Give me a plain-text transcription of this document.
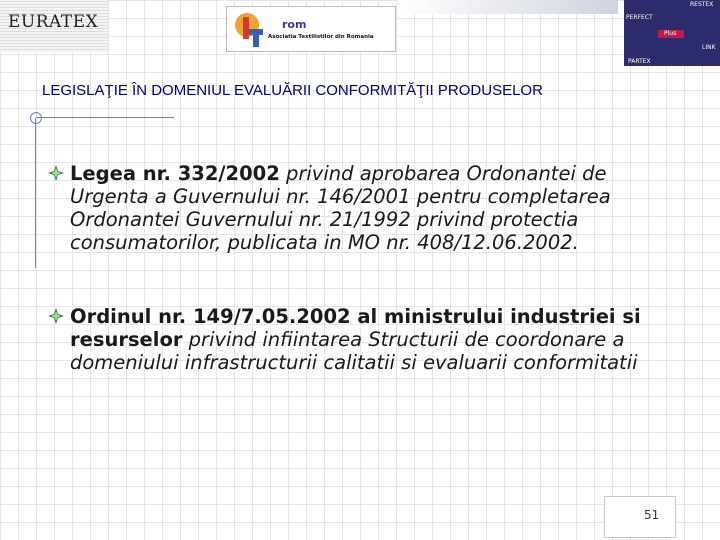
EURATEX	rom
Asociatia Textilistilor din Romania
RESTEX
PERFECT
Plus
LINK
PARTEX
LEGISLAŢIE ÎN DOMENIUL EVALUĂRII CONFORMITĂŢII PRODUSELOR
Legea nr. 332/2002 privind aprobarea Ordonantei de Urgenta a Guvernului nr. 146/2001 pentru completarea Ordonantei Guvernului nr. 21/1992 privind protectia consumatorilor, publicata in MO nr. 408/12.06.2002.
Ordinul nr. 149/7.05.2002 al ministrului industriei si resurselor privind infiintarea Structurii de coordonare a domeniului infrastructurii calitatii si evaluarii conformitatii
51
